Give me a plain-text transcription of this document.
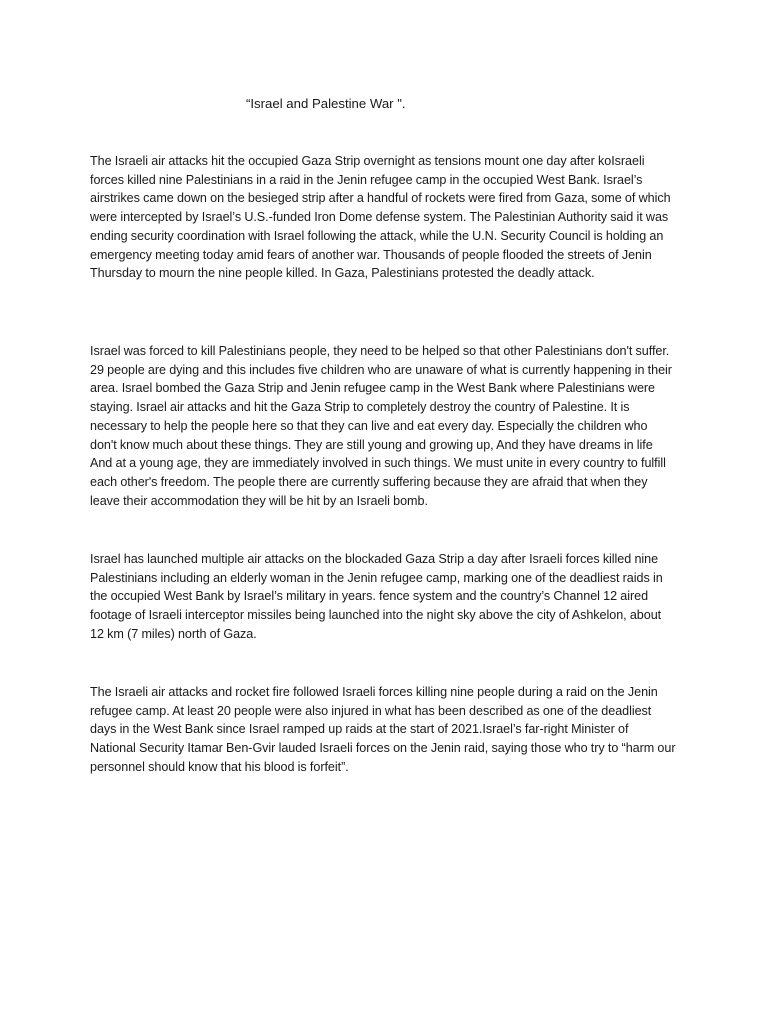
“Israel and Palestine War ".

The Israeli air attacks hit the occupied Gaza Strip overnight as tensions mount one day after koIsraeli forces killed nine Palestinians in a raid in the Jenin refugee camp in the occupied West Bank. Israel’s airstrikes came down on the besieged strip after a handful of rockets were fired from Gaza, some of which were intercepted by Israel’s U.S.-funded Iron Dome defense system. The Palestinian Authority said it was ending security coordination with Israel following the attack, while the U.N. Security Council is holding an emergency meeting today amid fears of another war. Thousands of people flooded the streets of Jenin Thursday to mourn the nine people killed. In Gaza, Palestinians protested the deadly attack.

Israel was forced to kill Palestinians people, they need to be helped so that other Palestinians don't suffer. 29 people are dying and this includes five children who are unaware of what is currently happening in their area. Israel bombed the Gaza Strip and Jenin refugee camp in the West Bank where Palestinians were staying. Israel air attacks and hit the Gaza Strip to completely destroy the country of Palestine. It is necessary to help the people here so that they can live and eat every day. Especially the children who don't know much about these things. They are still young and growing up, And they have dreams in life And at a young age, they are immediately involved in such things. We must unite in every country to fulfill each other's freedom. The people there are currently suffering because they are afraid that when they leave their accommodation they will be hit by an Israeli bomb.

Israel has launched multiple air attacks on the blockaded Gaza Strip a day after Israeli forces killed nine Palestinians including an elderly woman in the Jenin refugee camp, marking one of the deadliest raids in the occupied West Bank by Israel’s military in years. fence system and the country’s Channel 12 aired footage of Israeli interceptor missiles being launched into the night sky above the city of Ashkelon, about 12 km (7 miles) north of Gaza.

The Israeli air attacks and rocket fire followed Israeli forces killing nine people during a raid on the Jenin refugee camp. At least 20 people were also injured in what has been described as one of the deadliest days in the West Bank since Israel ramped up raids at the start of 2021.Israel’s far-right Minister of National Security Itamar Ben-Gvir lauded Israeli forces on the Jenin raid, saying those who try to “harm our personnel should know that his blood is forfeit”.
